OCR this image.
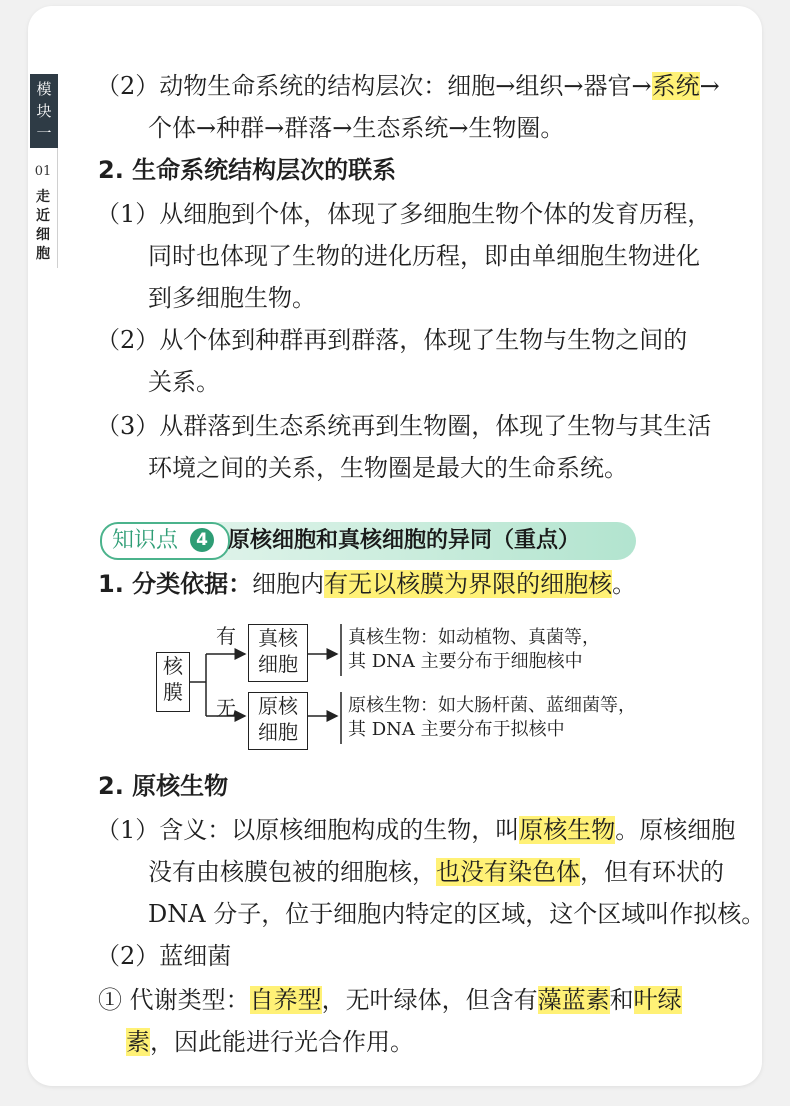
模
块
一
01
走
近
细
胞
（2）动物生命系统的结构层次：细胞→组织→器官→系统→
个体→种群→群落→生态系统→生物圈。
2. 生命系统结构层次的联系
（1）从细胞到个体，体现了多细胞生物个体的发育历程，
同时也体现了生物的进化历程，即由单细胞生物进化
到多细胞生物。
（2）从个体到种群再到群落，体现了生物与生物之间的
关系。
（3）从群落到生态系统再到生物圈，体现了生物与其生活
环境之间的关系，生物圈是最大的生命系统。
知识点	4 原核细胞和真核细胞的异同（重点）
1. 分类依据：细胞内有无以核膜为界限的细胞核。
核
膜
有
无
真核
细胞
原核
细胞
真核生物：如动植物、真菌等，
其 DNA 主要分布于细胞核中
原核生物：如大肠杆菌、蓝细菌等，
其 DNA 主要分布于拟核中
2. 原核生物
（1）含义：以原核细胞构成的生物，叫原核生物。原核细胞
没有由核膜包被的细胞核，也没有染色体，但有环状的
DNA 分子，位于细胞内特定的区域，这个区域叫作拟核。
（2）蓝细菌
① 代谢类型：自养型，无叶绿体，但含有藻蓝素和叶绿
素，因此能进行光合作用。
